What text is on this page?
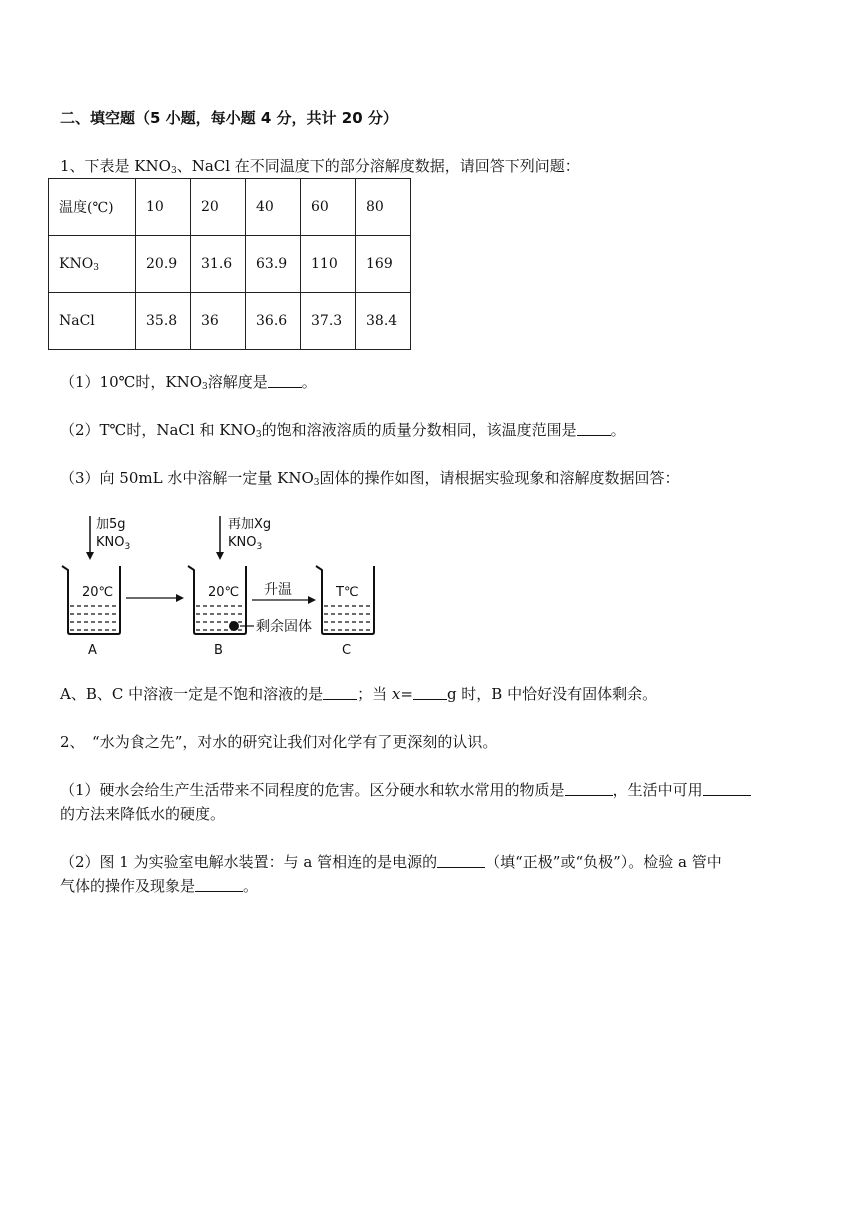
二、填空题（5 小题，每小题 4 分，共计 20 分）
1、下表是 $KNO_3$、NaCl 在不同温度下的部分溶解度数据，请回答下列问题：
温度(℃)	10	20	40	60	80
$KNO_3$	20.9	31.6	63.9	110	169
NaCl	35.8	36	36.6	37.3	38.4
（1）10℃时，$KNO_3$溶解度是 。
（2）T℃时，NaCl 和 $KNO_3$的饱和溶液溶质的质量分数相同，该温度范围是 。
（3）向 50mL 水中溶解一定量 $KNO_3$固体的操作如图，请根据实验现象和溶解度数据回答：
加5g
$KNO_3$
再加Xg
$KNO_3$
20℃	20℃
剩余固体
升温	T℃
A	B	C
A、B、C 中溶液一定是不饱和溶液的是 ；当 x= g 时，B 中恰好没有固体剩余。
2、　“水为食之先”，对水的研究让我们对化学有了更深刻的认识。
（1）硬水会给生产生活带来不同程度的危害。区分硬水和软水常用的物质是	，生活中可用
的方法来降低水的硬度。
（2）图 1 为实验室电解水装置：与 a 管相连的是电源的	（填“正极”或“负极”）。检验 a 管中
气体的操作及现象是	。
